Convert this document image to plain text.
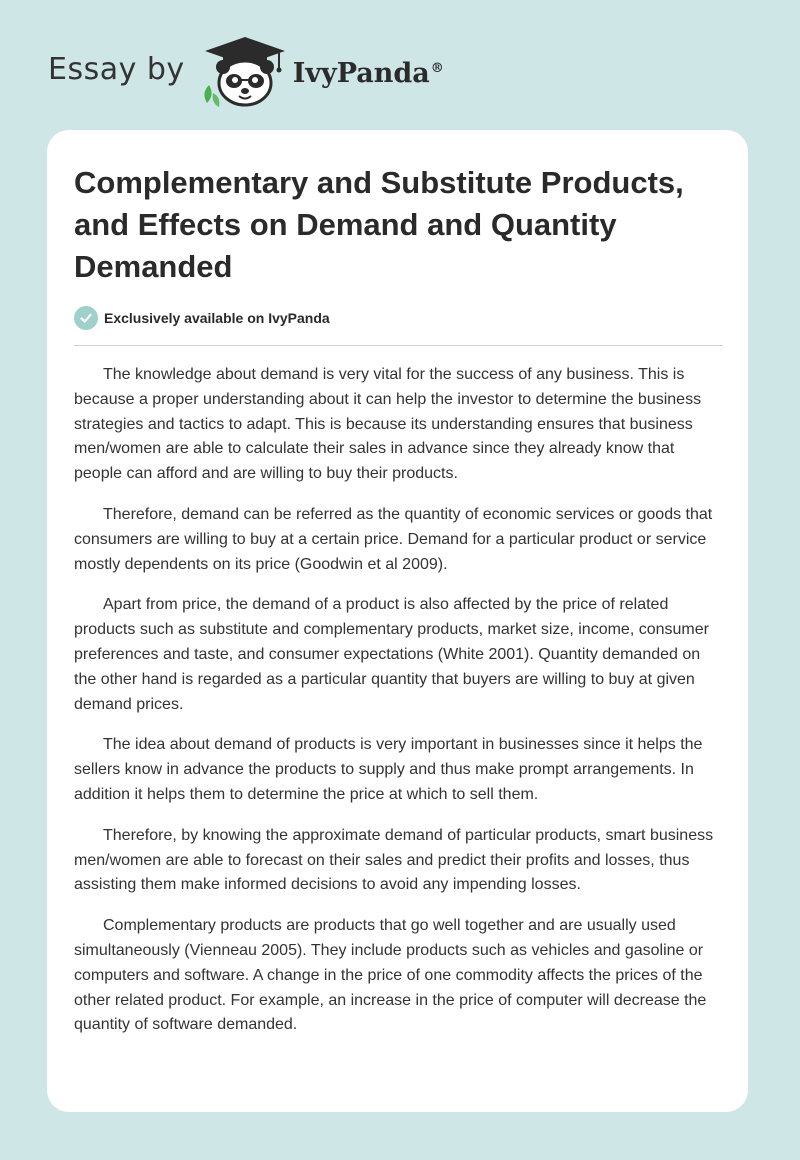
Essay by	IvyPanda®
Complementary and Substitute Products, and Effects on Demand and Quantity Demanded
Exclusively available on IvyPanda

The knowledge about demand is very vital for the success of any business. This is because a proper understanding about it can help the investor to determine the business strategies and tactics to adapt. This is because its understanding ensures that business men/women are able to calculate their sales in advance since they already know that people can afford and are willing to buy their products.

Therefore, demand can be referred as the quantity of economic services or goods that consumers are willing to buy at a certain price. Demand for a particular product or service mostly dependents on its price (Goodwin et al 2009).

Apart from price, the demand of a product is also affected by the price of related products such as substitute and complementary products, market size, income, consumer preferences and taste, and consumer expectations (White 2001). Quantity demanded on the other hand is regarded as a particular quantity that buyers are willing to buy at given demand prices.

The idea about demand of products is very important in businesses since it helps the sellers know in advance the products to supply and thus make prompt arrangements. In addition it helps them to determine the price at which to sell them.

Therefore, by knowing the approximate demand of particular products, smart business men/women are able to forecast on their sales and predict their profits and losses, thus assisting them make informed decisions to avoid any impending losses.

Complementary products are products that go well together and are usually used simultaneously (Vienneau 2005). They include products such as vehicles and gasoline or computers and software. A change in the price of one commodity affects the prices of the other related product. For example, an increase in the price of computer will decrease the quantity of software demanded.
